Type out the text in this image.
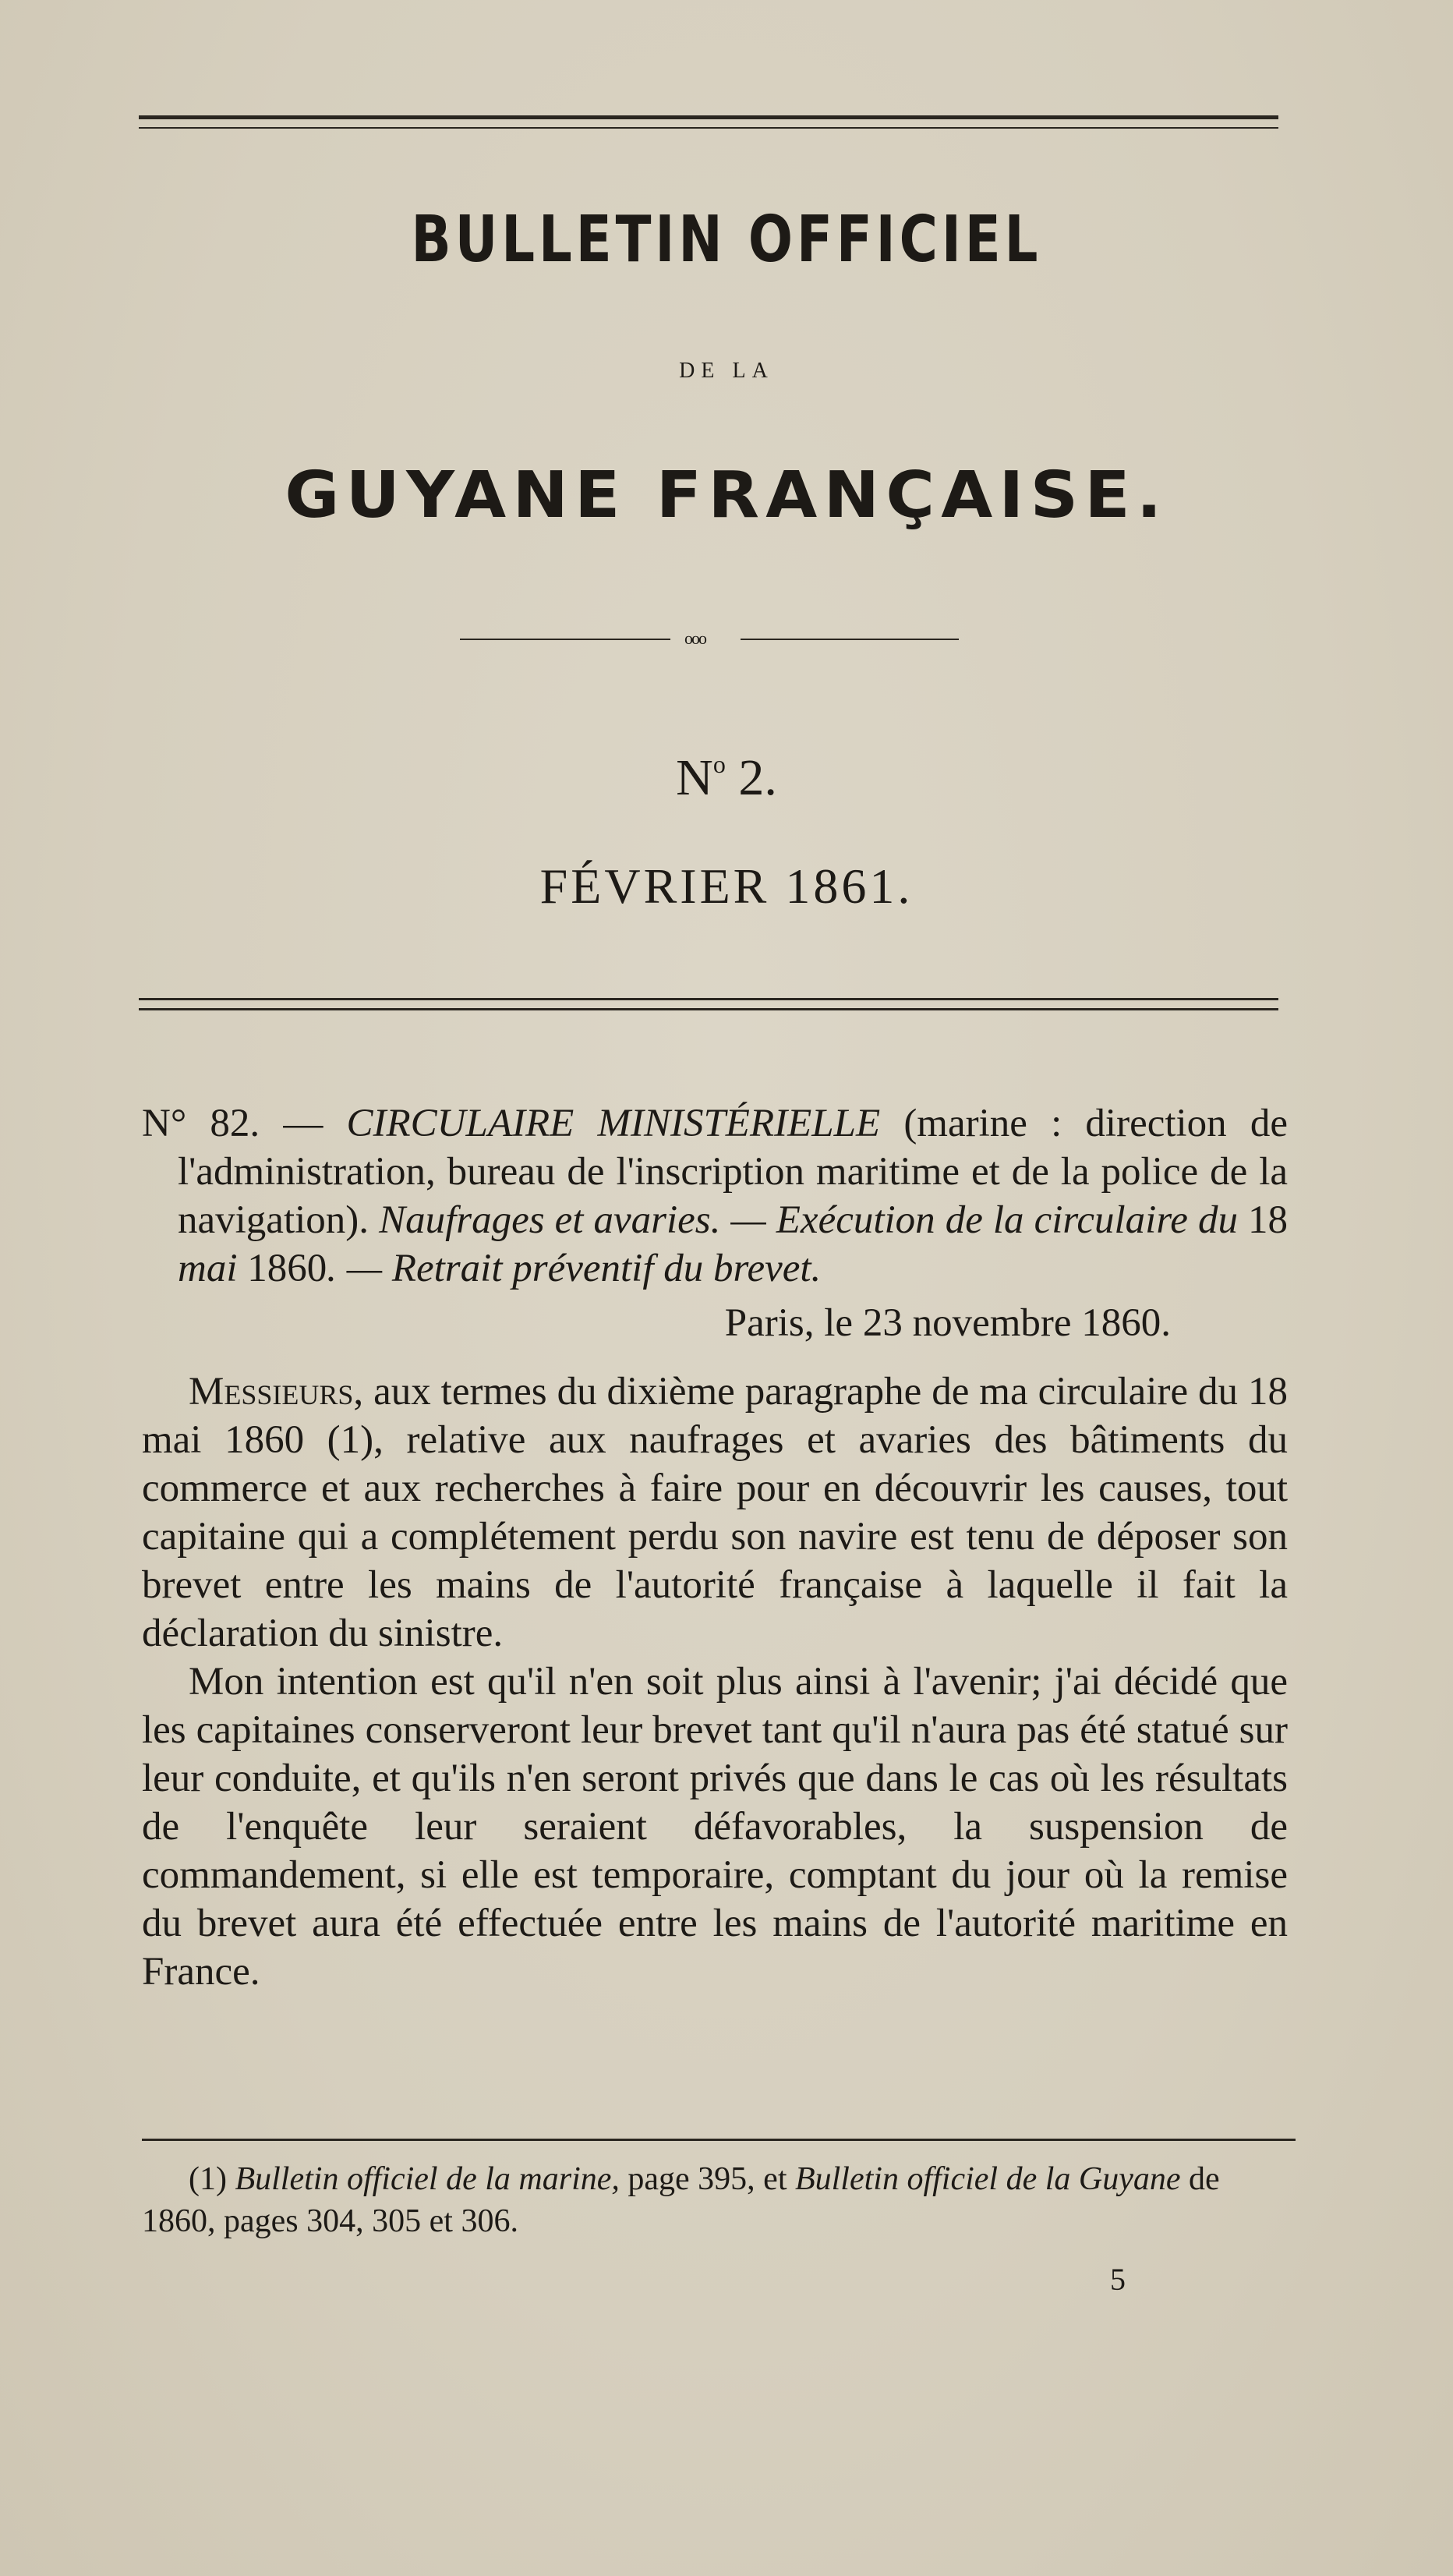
BULLETIN OFFICIEL
DE LA
GUYANE FRANÇAISE.
ooo
$N^o$ 2.
FÉVRIER 1861.

N° 82. — CIRCULAIRE MINISTÉRIELLE (marine : direction de l'administration, bureau de l'inscription maritime et de la police de la navigation). Naufrages et avaries. — Exécution de la circulaire du 18 mai 1860. — Retrait préventif du brevet.

Paris, le 23 novembre 1860.

Messieurs, aux termes du dixième paragraphe de ma circulaire du 18 mai 1860 (1), relative aux naufrages et avaries des bâtiments du commerce et aux recherches à faire pour en découvrir les causes, tout capitaine qui a complétement perdu son navire est tenu de déposer son brevet entre les mains de l'autorité française à laquelle il fait la déclaration du sinistre.

Mon intention est qu'il n'en soit plus ainsi à l'avenir; j'ai décidé que les capitaines conserveront leur brevet tant qu'il n'aura pas été statué sur leur conduite, et qu'ils n'en seront privés que dans le cas où les résultats de l'enquête leur seraient défavorables, la suspension de commandement, si elle est temporaire, comptant du jour où la remise du brevet aura été effectuée entre les mains de l'autorité maritime en France.

(1) Bulletin officiel de la marine, page 395, et Bulletin officiel de la Guyane de 1860, pages 304, 305 et 306.
5
